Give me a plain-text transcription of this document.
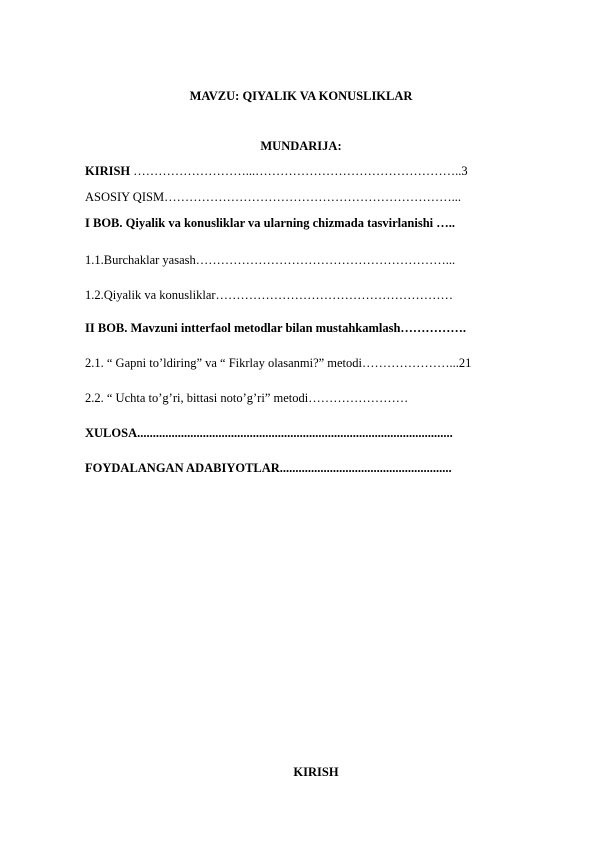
MAVZU: QIYALIK VA KONUSLIKLAR
MUNDARIJA:
KIRISH ………………………...…………………………………………..3
ASOSIY QISM……………………………………………………………...
I BOB. Qiyalik va konusliklar va ularning chizmada tasvirlanishi …..
1.1.Burchaklar yasash……………………………………………………...
1.2.Qiyalik va konusliklar…………………………………………………
II BOB. Mavzuni intterfaol metodlar bilan mustahkamlash…………….
2.1. “ Gapni to’ldiring” va “ Fikrlay olasanmi?” metodi…………………...21
2.2. “ Uchta to’g’ri, bittasi noto’g’ri” metodi……………………
XULOSA.....................................................................................................
FOYDALANGAN ADABIYOTLAR.......................................................
KIRISH
